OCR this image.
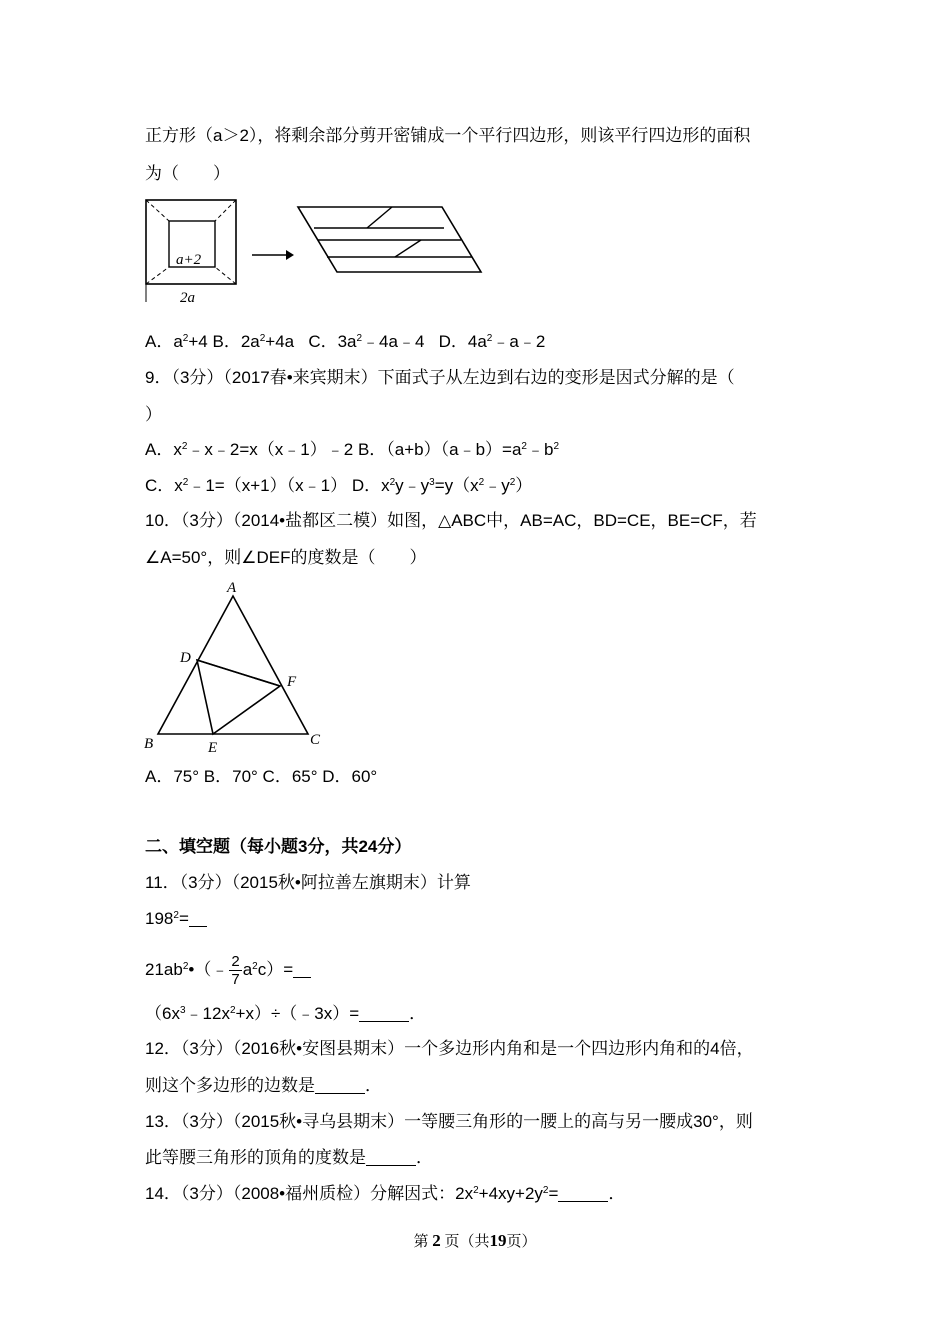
正方形（a＞2），将剩余部分剪开密铺成一个平行四边形，则该平行四边形的面积
为（　　）
a+2
2a
A．$a^2+4$ B．$2a^2+4a$ C．$3a^2﹣4a﹣4$ D．$4a^2﹣a﹣2$
9．（3分）（2017春•来宾期末）下面式子从左边到右边的变形是因式分解的是（
）
A．$x^2﹣x﹣2=x(x﹣1)﹣2$ B．$(a+b)(a﹣b)=a^2﹣b^2$
C．$x^2﹣1=(x+1)(x﹣1)$ D．$x^2y﹣y^3=y(x^2﹣y^2)$
10．（3分）（2014•盐都区二模）如图，△ABC中，AB=AC，BD=CE，BE=CF，若
∠A=50°，则∠DEF的度数是（　　）
A
D
F
B	E	C
A．75° B．70° C．65° D．60°
二、填空题（每小题3分，共24分）
11．（3分）（2015秋•阿拉善左旗期末）计算
$198^2=$
$21ab^2•(﹣ \frac{2}{7} a^2c)=$
$(6x^3﹣12x^2+x)\div(﹣3x)=$	．
12．（3分）（2016秋•安图县期末）一个多边形内角和是一个四边形内角和的4倍，
则这个多边形的边数是	．
13．（3分）（2015秋•寻乌县期末）一等腰三角形的一腰上的高与另一腰成30°，则
此等腰三角形的顶角的度数是	．
14．（3分）（2008•福州质检）分解因式：$2x^2+4xy+2y^2=$	．
第 2 页（共19页）
